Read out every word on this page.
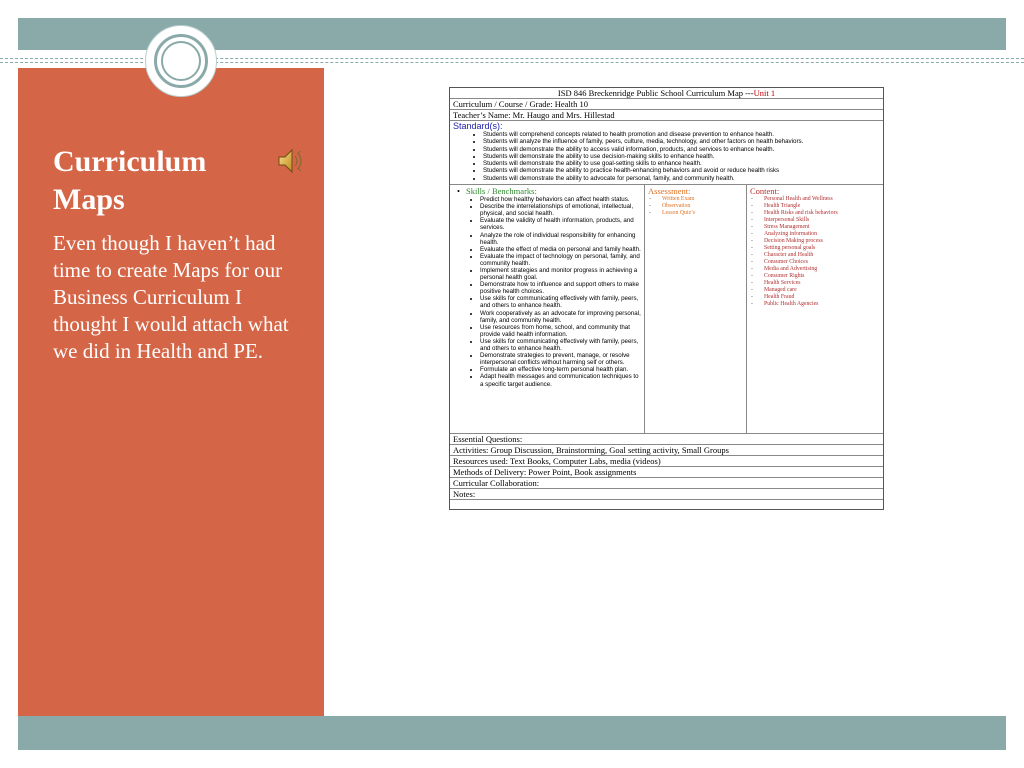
Curriculum Maps
Even though I haven’t had time to create Maps for our Business Curriculum I thought I would attach what we did in Health and PE.
ISD 846 Breckenridge Public School Curriculum Map ---Unit 1
Curriculum / Course / Grade: Health 10
Teacher’s Name: Mr. Haugo and Mrs. Hillestad
Standard(s):
• Students will comprehend concepts related to health promotion and disease prevention to enhance health.
• Students will analyze the influence of family, peers, culture, media, technology, and other factors on health behaviors.
• Students will demonstrate the ability to access valid information, products, and services to enhance health.
• Students will demonstrate the ability to use decision-making skills to enhance health.
• Students will demonstrate the ability to use goal-setting skills to enhance health.
• Students will demonstrate the ability to practice health-enhancing behaviors and avoid or reduce health risks
• Students will demonstrate the ability to advocate for personal, family, and community health.
• Skills / Benchmarks:
• Predict how healthy behaviors can affect health status.
• Describe the interrelationships of emotional, intellectual, physical, and social health.
• Evaluate the validity of health information, products, and services.
• Analyze the role of individual responsibility for enhancing health.
• Evaluate the effect of media on personal and family health.
• Evaluate the impact of technology on personal, family, and community health.
• Implement strategies and monitor progress in achieving a personal health goal.
• Demonstrate how to influence and support others to make positive health choices.
• Use skills for communicating effectively with family, peers, and others to enhance health.
• Work cooperatively as an advocate for improving personal, family, and community health.
• Use resources from home, school, and community that provide valid health information.
• Use skills for communicating effectively with family, peers, and others to enhance health.
• Demonstrate strategies to prevent, manage, or resolve interpersonal conflicts without harming self or others.
• Formulate an effective long-term personal health plan.
• Adapt health messages and communication techniques to a specific target audience.
Assessment:
- Written Exam
- Observation
- Lesson Quiz’s
Content:
- Personal Health and Wellness
- Health Triangle
- Health Risks and risk behaviors
- Interpersonal Skills
- Stress Management
- Analyzing information
- Decision Making process
- Setting personal goals
- Character and Health
- Consumer Choices
- Media and Advertising
- Consumer Rights
- Health Services
- Managed care
- Health Fraud
- Public Health Agencies
Essential Questions:
Activities: Group Discussion, Brainstorming, Goal setting activity, Small Groups
Resources used: Text Books, Computer Labs, media (videos)
Methods of Delivery: Power Point, Book assignments
Curricular Collaboration:
Notes:
